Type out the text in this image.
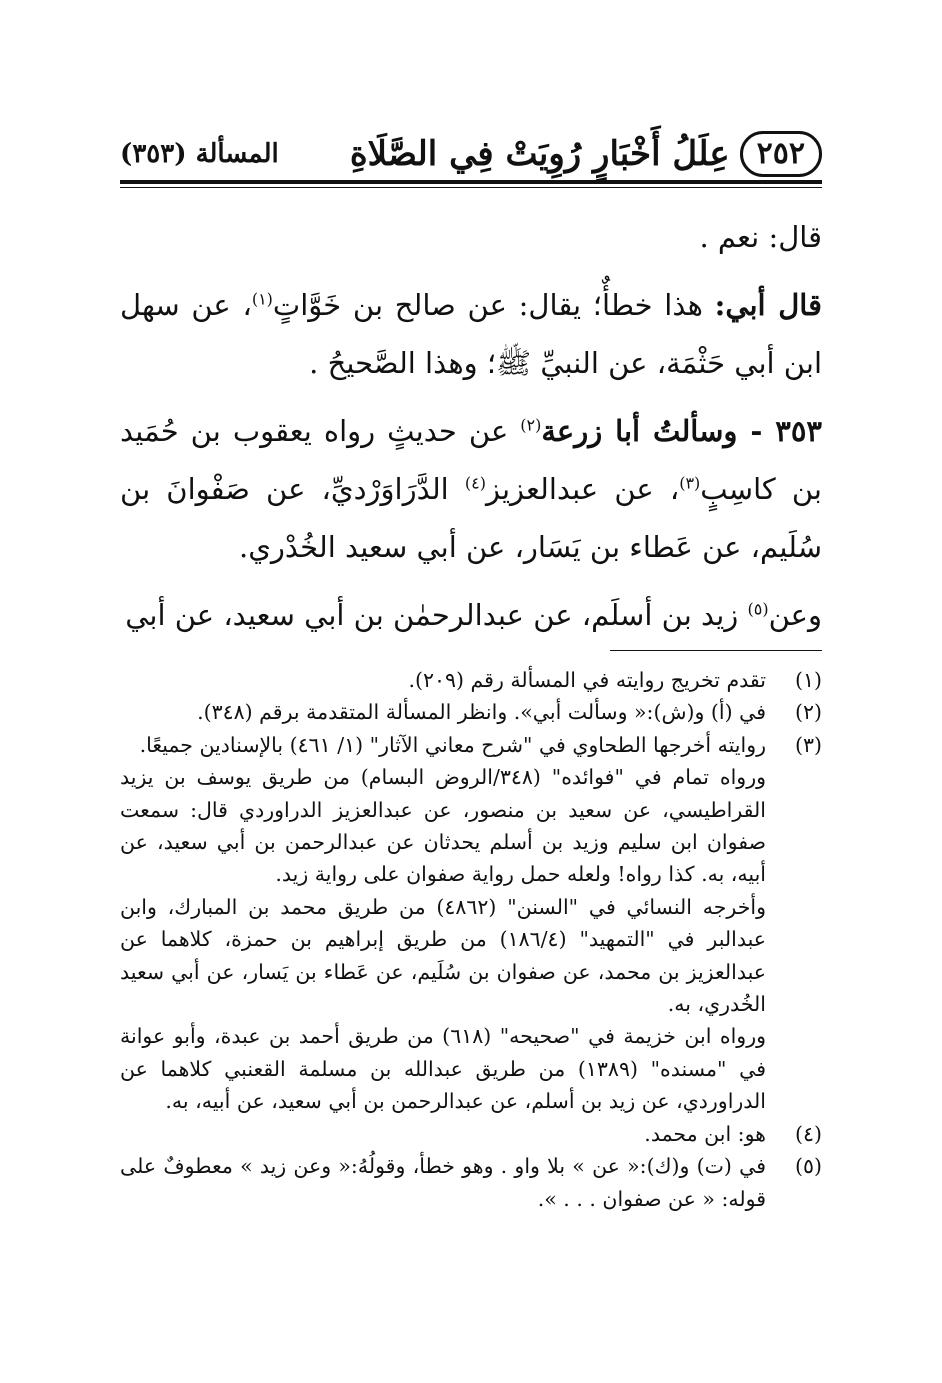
٢٥٢
عِلَلُ أَخْبَارٍ رُوِيَتْ فِي الصَّلَاةِ
المسألة (٣٥٣)

قال: نعم .

قال أبي: هذا خطأٌ؛ يقال: عن صالح بن خَوَّاتٍ$^{(١)}$، عن سهل ابن أبي حَثْمَة، عن النبيِّ ﷺ؛ وهذا الصَّحيحُ .

٣٥٣ - وسألتُ أبا زرعة$^{(٢)}$ عن حديثٍ رواه يعقوب بن حُمَيد بن كاسِبٍ$^{(٣)}$، عن عبدالعزيز$^{(٤)}$ الدَّرَاوَرْديِّ، عن صَفْوانَ بن سُلَيم، عن عَطاء بن يَسَار، عن أبي سعيد الخُدْري.

وعن$^{(٥)}$ زيد بن أسلَم، عن عبدالرحمٰن بن أبي سعيد، عن أبي

(١)
تقدم تخريج روايته في المسألة رقم (٢٠٩).
(٢)
في (أ) و(ش):« وسألت أبي». وانظر المسألة المتقدمة برقم (٣٤٨).
(٣)
روايته أخرجها الطحاوي في "شرح معاني الآثار" (١/ ٤٦١) بالإسنادين جميعًا.
ورواه تمام في "فوائده" (٣٤٨/الروض البسام) من طريق يوسف بن يزيد القراطيسي، عن سعيد بن منصور، عن عبدالعزيز الدراوردي قال: سمعت صفوان ابن سليم وزيد بن أسلم يحدثان عن عبدالرحمن بن أبي سعيد، عن أبيه، به. كذا رواه! ولعله حمل رواية صفوان على رواية زيد.
وأخرجه النسائي في "السنن" (٤٨٦٢) من طريق محمد بن المبارك، وابن عبدالبر في "التمهيد" (١٨٦/٤) من طريق إبراهيم بن حمزة، كلاهما عن عبدالعزيز بن محمد، عن صفوان بن سُلَيم، عن عَطاء بن يَسار، عن أبي سعيد الخُدري، به.
ورواه ابن خزيمة في "صحيحه" (٦١٨) من طريق أحمد بن عبدة، وأبو عوانة في "مسنده" (١٣٨٩) من طريق عبدالله بن مسلمة القعنبي كلاهما عن الدراوردي، عن زيد بن أسلم، عن عبدالرحمن بن أبي سعيد، عن أبيه، به.
(٤)
هو: ابن محمد.
(٥)
في (ت) و(ك):« عن » بلا واو . وهو خطأ، وقولُهُ:« وعن زيد » معطوفٌ على قوله: « عن صفوان . . . ».
